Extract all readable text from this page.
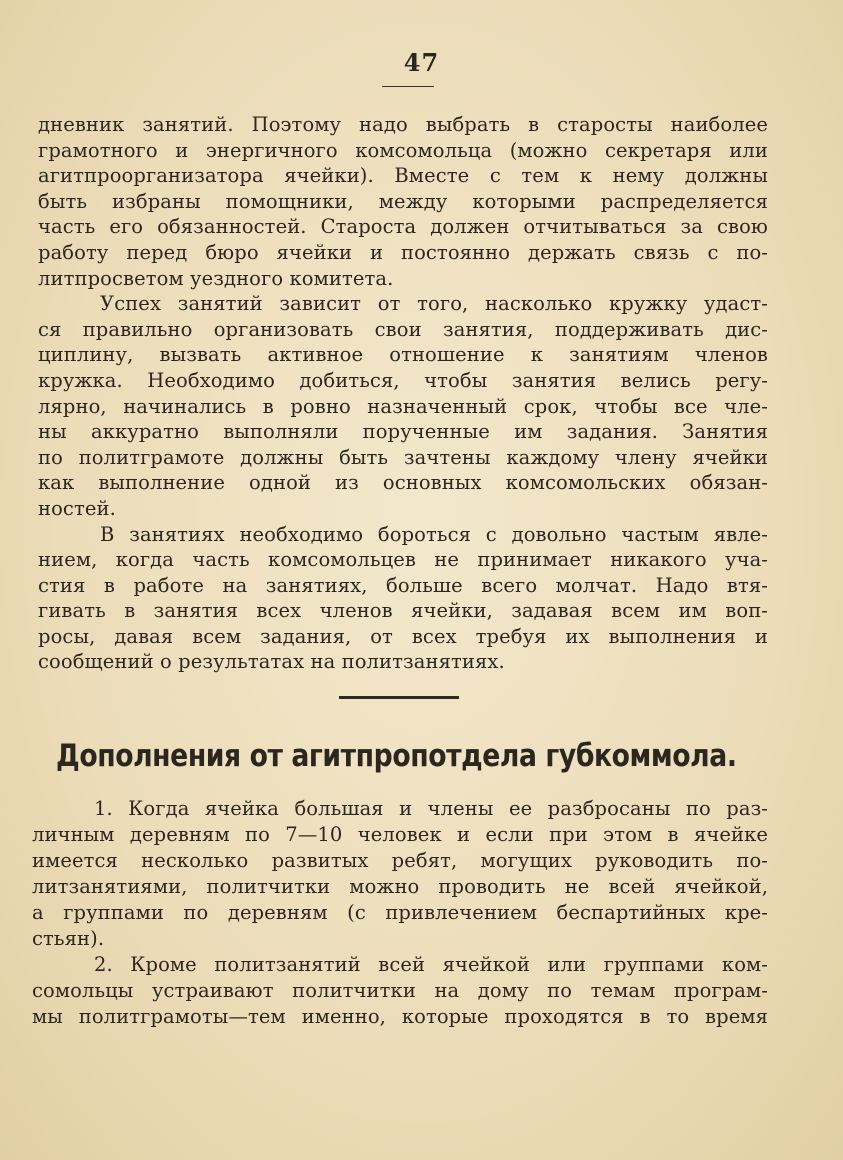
47
дневник занятий. Поэтому надо выбрать в старосты наиболее
грамотного и энергичного комсомольца (можно секретаря или
агитпроорганизатора ячейки). Вместе с тем к нему должны
быть избраны помощники, между которыми распределяется
часть его обязанностей. Староста должен отчитываться за свою
работу перед бюро ячейки и постоянно держать связь с по-
литпросветом уездного комитета.
Успех занятий зависит от того, насколько кружку удаст-
ся правильно организовать свои занятия, поддерживать дис-
циплину, вызвать активное отношение к занятиям членов
кружка. Необходимо добиться, чтобы занятия велись регу-
лярно, начинались в ровно назначенный срок, чтобы все чле-
ны аккуратно выполняли порученные им задания. Занятия
по политграмоте должны быть зачтены каждому члену ячейки
как выполнение одной из основных комсомольских обязан-
ностей.
В занятиях необходимо бороться с довольно частым явле-
нием, когда часть комсомольцев не принимает никакого уча-
стия в работе на занятиях, больше всего молчат. Надо втя-
гивать в занятия всех членов ячейки, задавая всем им воп-
росы, давая всем задания, от всех требуя их выполнения и
сообщений о результатах на политзанятиях.
Дополнения от агитпропотдела губкоммола.
1. Когда ячейка большая и члены ее разбросаны по раз-
личным деревням по 7—10 человек и если при этом в ячейке
имеется несколько развитых ребят, могущих руководить по-
литзанятиями, политчитки можно проводить не всей ячейкой,
а группами по деревням (с привлечением беспартийных кре-
стьян).
2. Кроме политзанятий всей ячейкой или группами ком-
сомольцы устраивают политчитки на дому по темам програм-
мы политграмоты—тем именно, которые проходятся в то время
